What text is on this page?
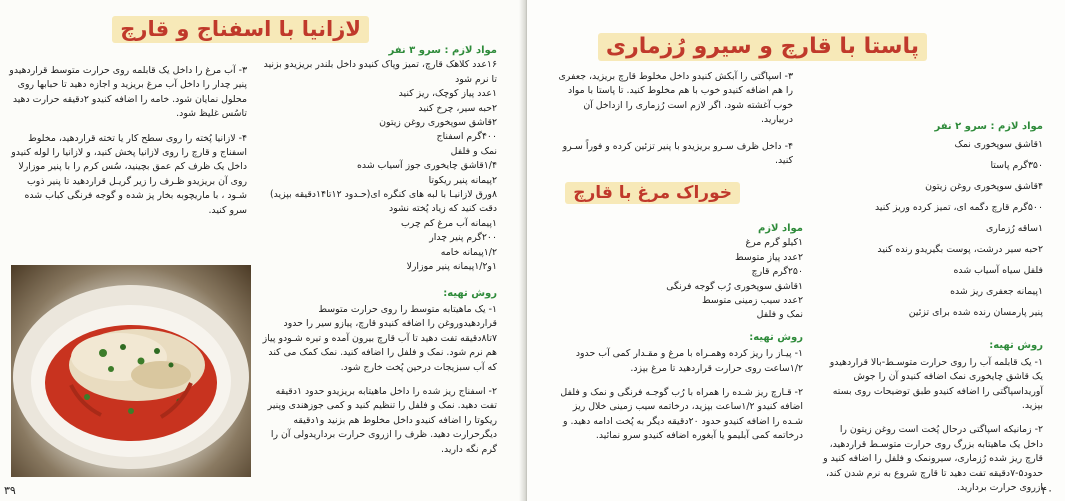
لازانیا با اسفناج و قارچ

مواد لازم : سرو ۳ نفر

۱۶عدد کلاهک قارچ، تمیز وپاک کنیدو داخل بلندر بریزیدو بزنید تا نرم شود
۱عدد پیاز کوچک، ریز کنید
۲حبه سیر، چرخ کنید
۲قاشق سوپخوری روغن زیتون
۴۰۰گرم اسفناج
نمک و فلفل
۱/۴قاشق چایخوری جوز آسیاب شده
۲پیمانه پنیر ریکوتا
۸ورق لازانیـا با لبه های کنگره ای(حـدود ۱۲تا۱۴دقیقه بپزید) دقت کنید که زیاد پُخته نشود
۱پیمانه آب مرغ کم چرب
۲۰۰گرم پنیر چدار
۱/۲پیمانه خامه
۱و۱/۲پیمانه پنیر موزارلا

روش تهیه:

۱- یک ماهیتابه متوسط را روی حرارت متوسط قراردهیدوروغن را اضافه کنیدو قارچ، پیازو سیر را حدود ۷تا۸دقیقه تفت دهید تا آب قارچ بیرون آمده و تیره شـودو پیاز هم نرم شود. نمک و فلفل را اضافه کنید. نمک کمک می کند که آب سبزیجات درحین پُخت خارج شود.

۲- اسفناج ریز شده را داخل ماهیتابه بریزیدو حدود ۱دقیقه تفت دهید. نمک و فلفل را تنظیم کنید و کمی جوزهندی وپنیر ریکوتا را اضافه کنیدو داخل مخلوط هم بزنید و۱دقیقه دیگرحرارت دهید. ظرف را ازروی حرارت برداریدولی آن را گرم نگه دارید.

۳- آب مرغ را داخل یک قابلمه روی حرارت متوسط قراردهیدو پنیر چدار را داخل آب مرغ بریزید و اجازه دهید تا حبابها روی محلول نمایان شود. خامه را اضافه کنیدو ۲دقیقه حرارت دهید تاسُس غلیظ شود.

۴- لازانیا پُخته را روی سطح کار یا تخته قراردهید، مخلوط اسفناج و قارچ را روی لازانیا پخش کنید، و لازانیا را لوله کنیدو داخل یک ظرف کم عمق بچینید، سُس کرم را با پنیر موزارلا روی آن بریزیدو ظـرف را زیر گریـل قراردهید تا پنیر ذوب شـود ، با ماریچوبه بخار پز شده و گوجه فرنگی کباب شده سرو کنید.

۳۹
پاستا با قارچ و سیرو رُزماری

۳- اسپاگتی را آبکش کنیدو داخل مخلوط قارچ بریزید، جعفری را هم اضافه کنیدو خوب با هم مخلوط کنید. تا پاستا با مواد خوب آغشته شود. اگر لازم است رُزماری را ازداخل آن دربیارید.

۴- داخل ظرف سـرو بریزیدو با پنیر تزئین کرده و فوراً سـرو کنید.

مواد لازم : سرو ۲ نفر

۱قاشق سوپخوری نمک
۳۵۰گرم پاستا
۴قاشق سوپخوری روغن زیتون
۵۰۰گرم قارچ دگمه ای، تمیز کرده وریز کنید
۱ساقه رُزماری
۲حبه سیر درشت، پوست بگیریدو رنده کنید
فلفل سیاه آسیاب شده
۱پیمانه جعفری ریز شده
پنیر پارمسان رنده شده برای تزئین

روش تهیه:

۱- یک قابلمه آب را روی حرارت متوسـط-بالا قراردهیدو یک قاشق چایخوری نمک اضافه کنیدو آن را جوش آوریداسپاگتی را اضافه کنیدو طبق توضیحات روی بسته بپزید.

۲- زمانیکه اسپاگتی درحال پُخت است روغن زیتون را داخل یک ماهیتابه بزرگ روی حرارت متوسـط قراردهید، قارچ ریز شده رُزماری، سیرونمک و فلفل را اضافه کنید و حدود۵-۷دقیقه تفت دهید تا قارچ شروع به نرم شدن کند، ازروی حرارت بردارید.

خوراک مرغ با قارچ

مواد لازم

۱کیلو گرم مرغ
۲عدد پیاز متوسط
۲۵۰گرم قارچ
۱قاشق سوپخوری رُب گوجه فرنگی
۲عدد سیب زمینی متوسط
نمک و فلفل

روش تهیه:

۱- پیـاز را ریز کرده وهمـراه با مرغ و مقـدار کمی آب حدود ۱/۲ساعت روی حرارت قراردهید تا مرغ بپزد.

۲- قـارچ ریز شـده را همراه با رُب گوجـه فرنگی و نمک و فلفل اضافه کنیدو ۱/۲ساعت بپزید، درخاتمه سیب زمینی خلال ریز شـده را اضافه کنیدو حدود ۲۰دقیقه دیگر به پُخت ادامه دهید. و درخاتمه کمی آبلیمو یا آبغوره اضافه کنیدو سرو نمائید.

۴۰
